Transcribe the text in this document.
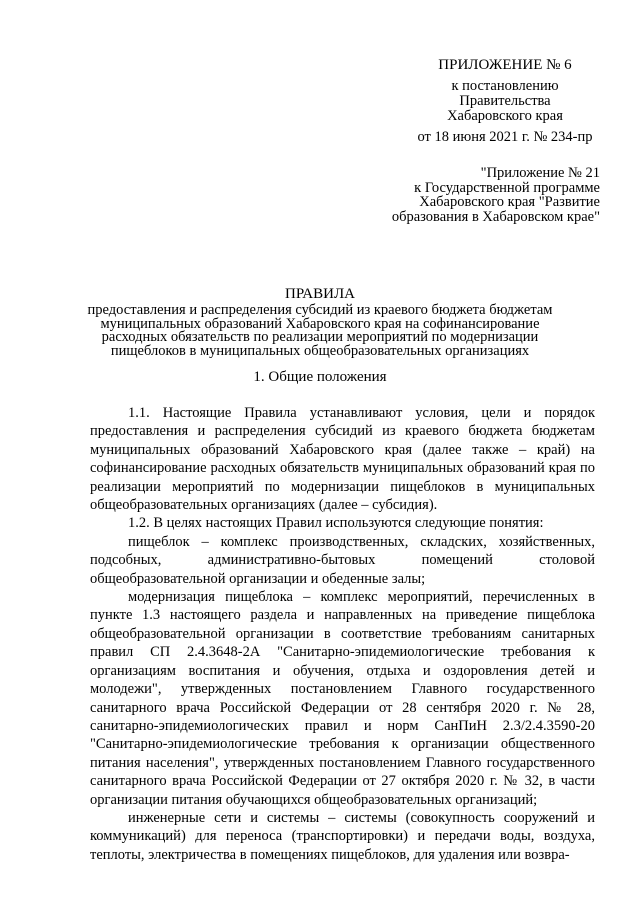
ПРИЛОЖЕНИЕ № 6
к постановлению
Правительства
Хабаровского края
от 18 июня 2021 г. № 234-пр
"Приложение № 21
к Государственной программе
Хабаровского края "Развитие
образования в Хабаровском крае"
ПРАВИЛА
предоставления и распределения субсидий из краевого бюджета бюджетам
муниципальных образований Хабаровского края на софинансирование
расходных обязательств по реализации мероприятий по модернизации
пищеблоков в муниципальных общеобразовательных организациях
1. Общие положения

1.1. Настоящие Правила устанавливают условия, цели и порядок предоставления и распределения субсидий из краевого бюджета бюджетам муниципальных образований Хабаровского края (далее также – край) на софинансирование расходных обязательств муниципальных образований края по реализации мероприятий по модернизации пищеблоков в муниципальных общеобразовательных организациях (далее – субсидия).

1.2. В целях настоящих Правил используются следующие понятия:

пищеблок – комплекс производственных, складских, хозяйственных, подсобных, административно-бытовых помещений столовой общеобразовательной организации и обеденные залы;

модернизация пищеблока – комплекс мероприятий, перечисленных в пункте 1.3 настоящего раздела и направленных на приведение пищеблока общеобразовательной организации в соответствие требованиям санитарных правил СП 2.4.3648-2А "Санитарно-эпидемиологические требования к организациям воспитания и обучения, отдыха и оздоровления детей и молодежи", утвержденных постановлением Главного государственного санитарного врача Российской Федерации от 28 сентября 2020 г. № 28, санитарно-эпидемиологических правил и норм СанПиН 2.3/2.4.3590-20 "Санитарно-эпидемиологические требования к организации общественного питания населения", утвержденных постановлением Главного государственного санитарного врача Российской Федерации от 27 октября 2020 г. № 32, в части организации питания обучающихся общеобразовательных организаций;

инженерные сети и системы – системы (совокупность сооружений и коммуникаций) для переноса (транспортировки) и передачи воды, воздуха, теплоты, электричества в помещениях пищеблоков, для удаления или возвра-
